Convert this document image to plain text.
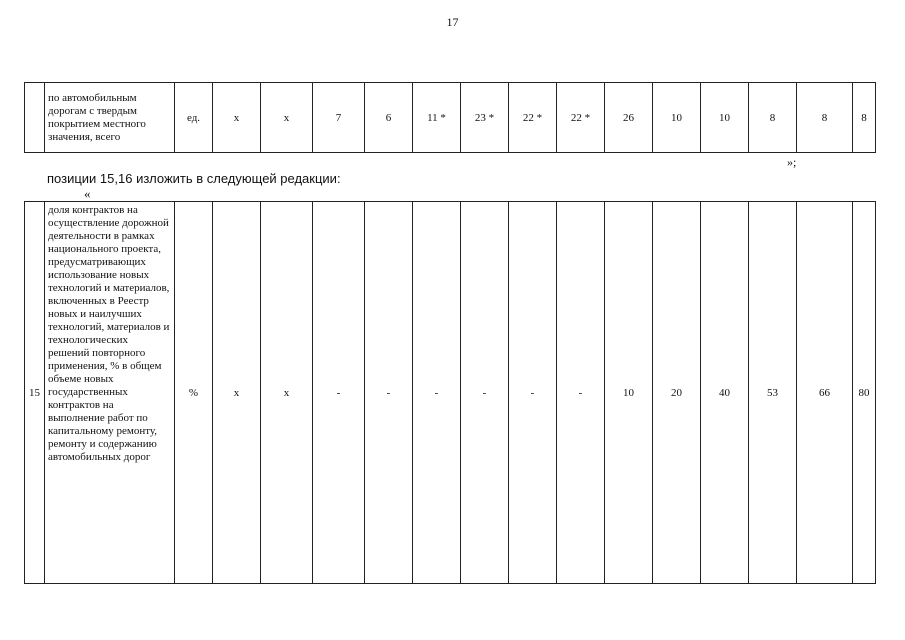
17
	по автомобильным дорогам с твердым покрытием местного значения, всего	ед.	x	x	7	6	11 *	23 *	22 *	22 *	26	10	10	8	8	8
»;
позиции 15,16 изложить в следующей редакции:
«
15	доля контрактов на осуществление дорожной деятельности в рамках национального проекта, предусматривающих использование новых технологий и материалов, включенных в Реестр новых и наилучших технологий, материалов и технологических решений повторного применения, % в общем объеме новых государственных контрактов на выполнение работ по капитальному ремонту, ремонту и содержанию автомобильных дорог	%	x	x	-	-	-	-	-	-	10	20	40	53	66	80
